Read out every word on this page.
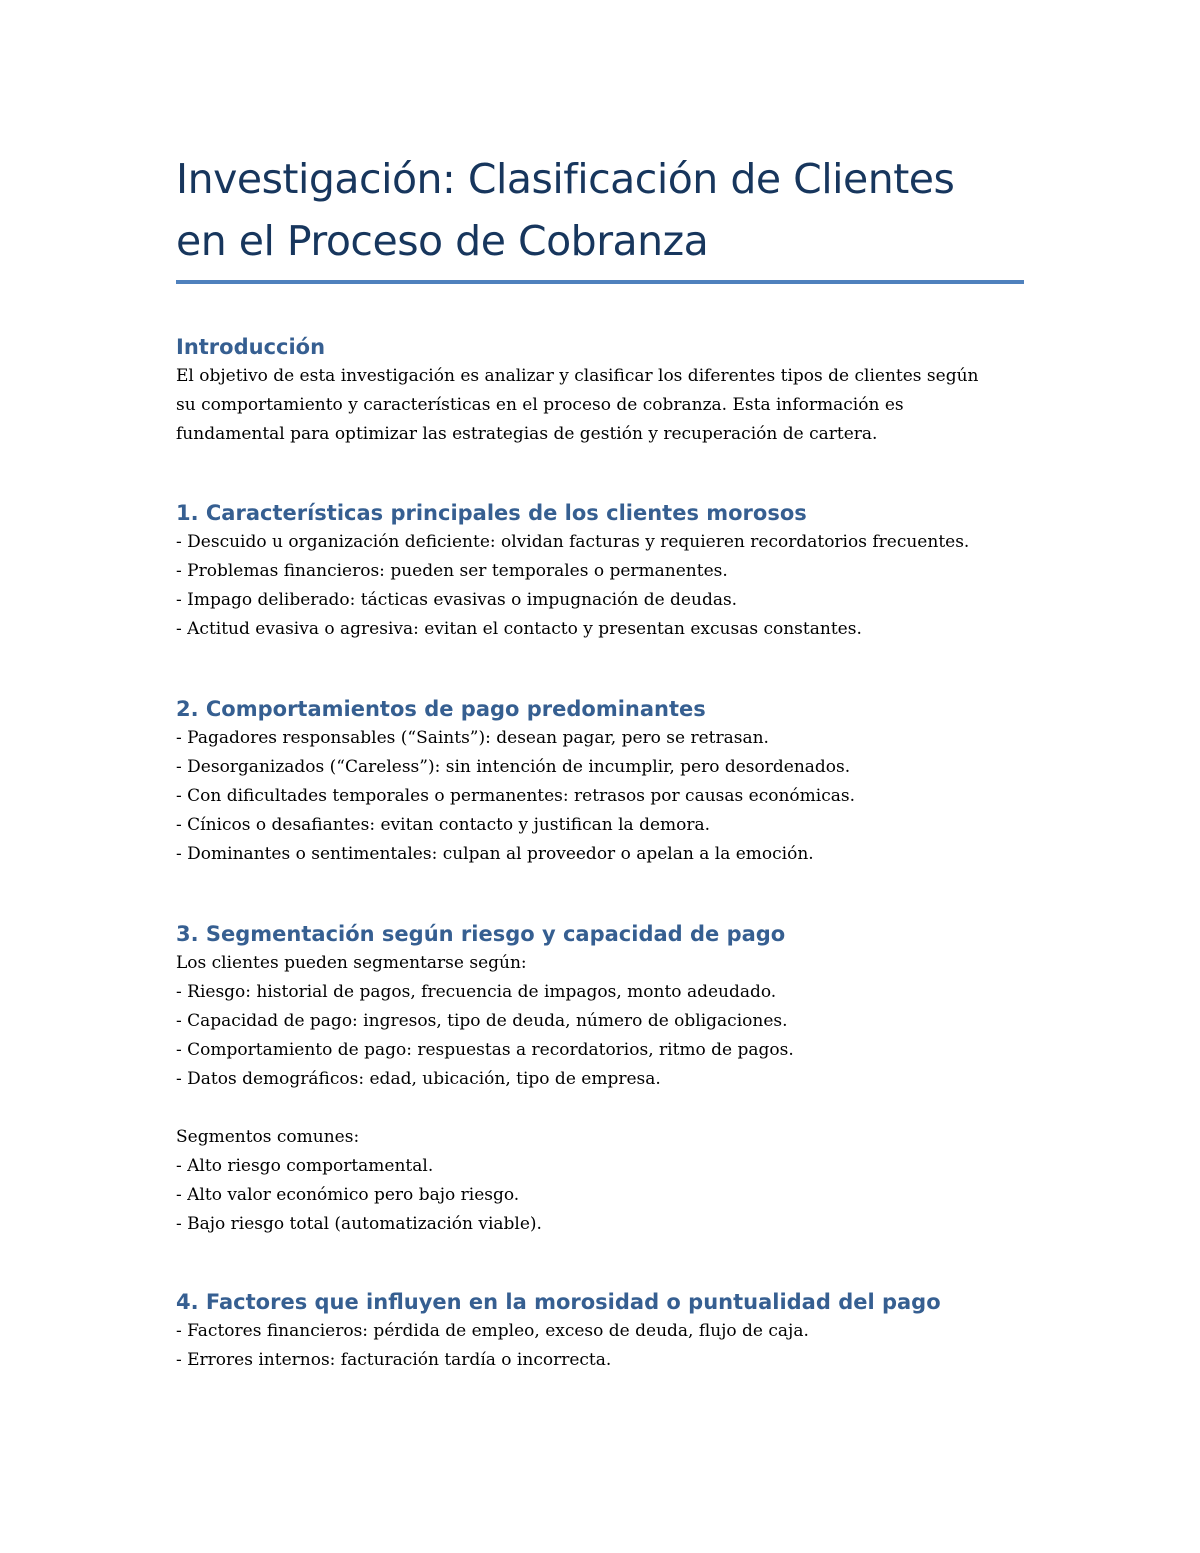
Investigación: Clasificación de Clientes
en el Proceso de Cobranza
Introducción

El objetivo de esta investigación es analizar y clasificar los diferentes tipos de clientes según

su comportamiento y características en el proceso de cobranza. Esta información es

fundamental para optimizar las estrategias de gestión y recuperación de cartera.

1. Características principales de los clientes morosos

- Descuido u organización deficiente: olvidan facturas y requieren recordatorios frecuentes.

- Problemas financieros: pueden ser temporales o permanentes.

- Impago deliberado: tácticas evasivas o impugnación de deudas.

- Actitud evasiva o agresiva: evitan el contacto y presentan excusas constantes.

2. Comportamientos de pago predominantes

- Pagadores responsables (“Saints”): desean pagar, pero se retrasan.

- Desorganizados (“Careless”): sin intención de incumplir, pero desordenados.

- Con dificultades temporales o permanentes: retrasos por causas económicas.

- Cínicos o desafiantes: evitan contacto y justifican la demora.

- Dominantes o sentimentales: culpan al proveedor o apelan a la emoción.

3. Segmentación según riesgo y capacidad de pago

Los clientes pueden segmentarse según:

- Riesgo: historial de pagos, frecuencia de impagos, monto adeudado.

- Capacidad de pago: ingresos, tipo de deuda, número de obligaciones.

- Comportamiento de pago: respuestas a recordatorios, ritmo de pagos.

- Datos demográficos: edad, ubicación, tipo de empresa.

Segmentos comunes:

- Alto riesgo comportamental.

- Alto valor económico pero bajo riesgo.

- Bajo riesgo total (automatización viable).

4. Factores que influyen en la morosidad o puntualidad del pago

- Factores financieros: pérdida de empleo, exceso de deuda, flujo de caja.

- Errores internos: facturación tardía o incorrecta.
